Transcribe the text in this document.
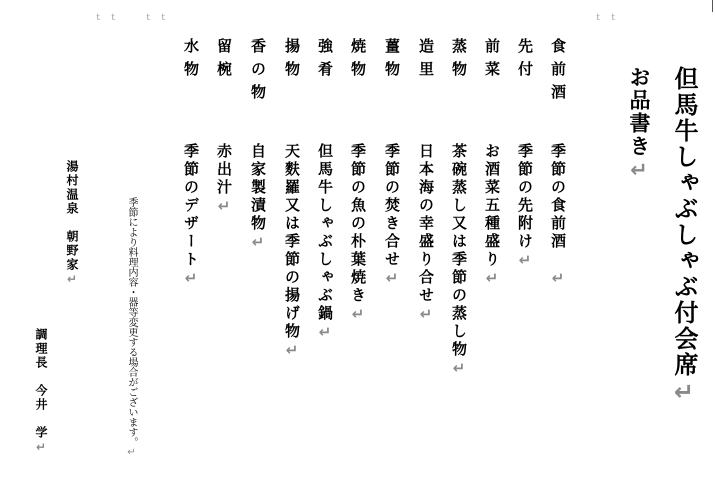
ｔｔ ｔｔ	ｔｔ
但馬牛しゃぶしゃぶ付会席↵
お品書き↵
食前酒
先付
前菜
蒸物
造里
薑物
焼物
強肴
揚物
香の物
留椀
水物
季節の食前酒　↵
季節の先附け↵
お酒菜五種盛り↵
茶碗蒸し又は季節の蒸し物↵
日本海の幸盛り合せ↵
季節の焚き合せ↵
季節の魚の朴葉焼き↵
但馬牛しゃぶしゃぶ鍋↵
天麩羅又は季節の揚げ物↵
自家製漬物↵
赤出汁↵
季節のデザート↵
季節により料理内容・器等変更する場合がございます。↵
湯村温泉　朝野家↵
調理長　今井　学↵
